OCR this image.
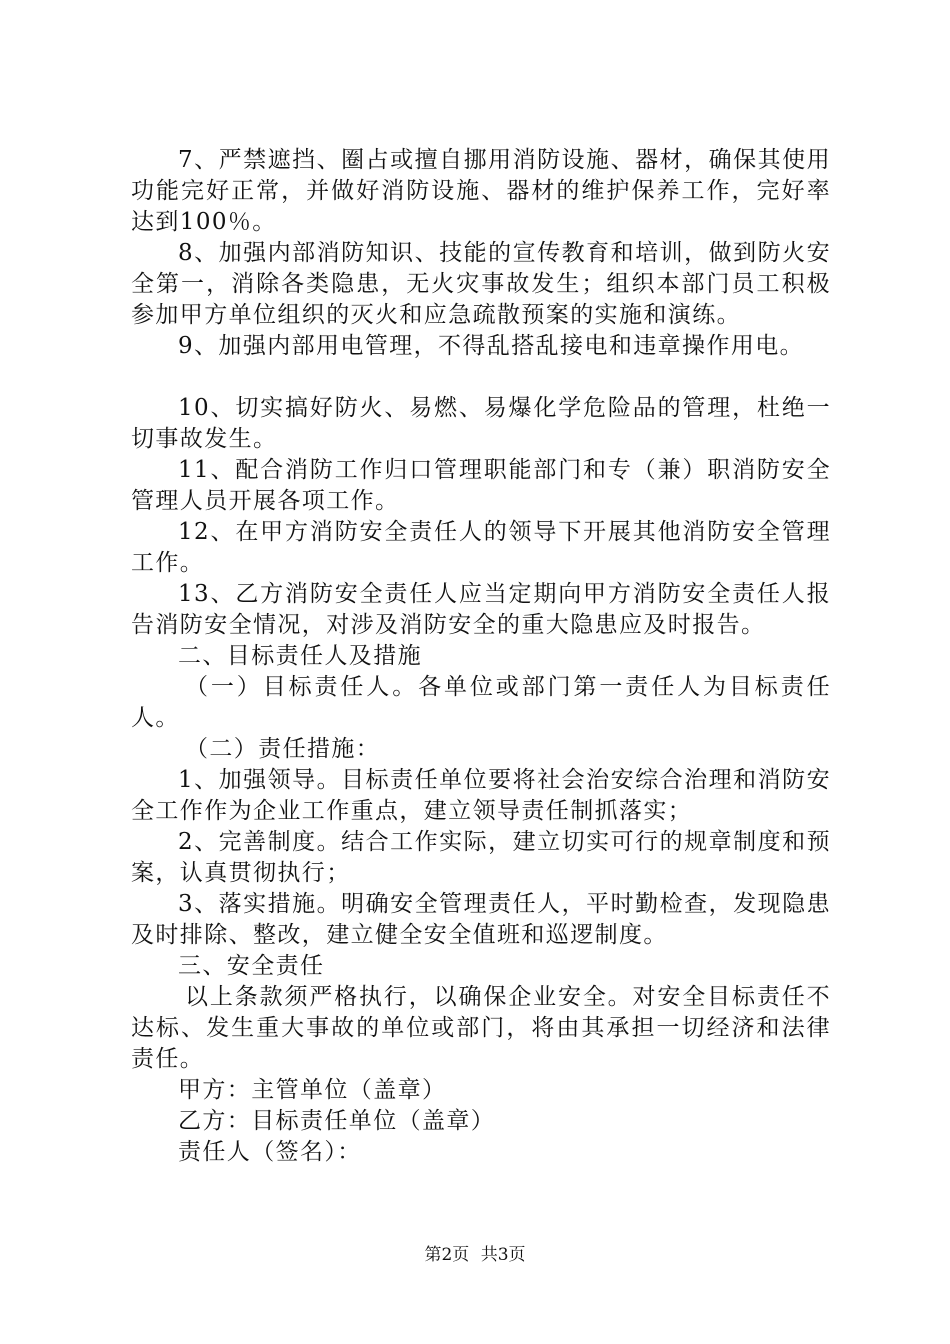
7、严禁遮挡、圈占或擅自挪用消防设施、器材，确保其使用功能完好正常，并做好消防设施、器材的维护保养工作，完好率达到100％。

8、加强内部消防知识、技能的宣传教育和培训，做到防火安全第一，消除各类隐患，无火灾事故发生；组织本部门员工积极参加甲方单位组织的灭火和应急疏散预案的实施和演练。

9、加强内部用电管理，不得乱搭乱接电和违章操作用电。

10、切实搞好防火、易燃、易爆化学危险品的管理，杜绝一切事故发生。

11、配合消防工作归口管理职能部门和专（兼）职消防安全管理人员开展各项工作。

12、在甲方消防安全责任人的领导下开展其他消防安全管理工作。

13、乙方消防安全责任人应当定期向甲方消防安全责任人报告消防安全情况，对涉及消防安全的重大隐患应及时报告。

二、目标责任人及措施

（一）目标责任人。各单位或部门第一责任人为目标责任人。

（二）责任措施：

1、加强领导。目标责任单位要将社会治安综合治理和消防安全工作作为企业工作重点，建立领导责任制抓落实；

2、完善制度。结合工作实际，建立切实可行的规章制度和预案，认真贯彻执行；

3、落实措施。明确安全管理责任人，平时勤检查，发现隐患及时排除、整改，建立健全安全值班和巡逻制度。

三、安全责任

以上条款须严格执行，以确保企业安全。对安全目标责任不达标、发生重大事故的单位或部门，将由其承担一切经济和法律责任。

甲方：主管单位（盖章）

乙方：目标责任单位（盖章）

责任人（签名）：

第2页 共3页
